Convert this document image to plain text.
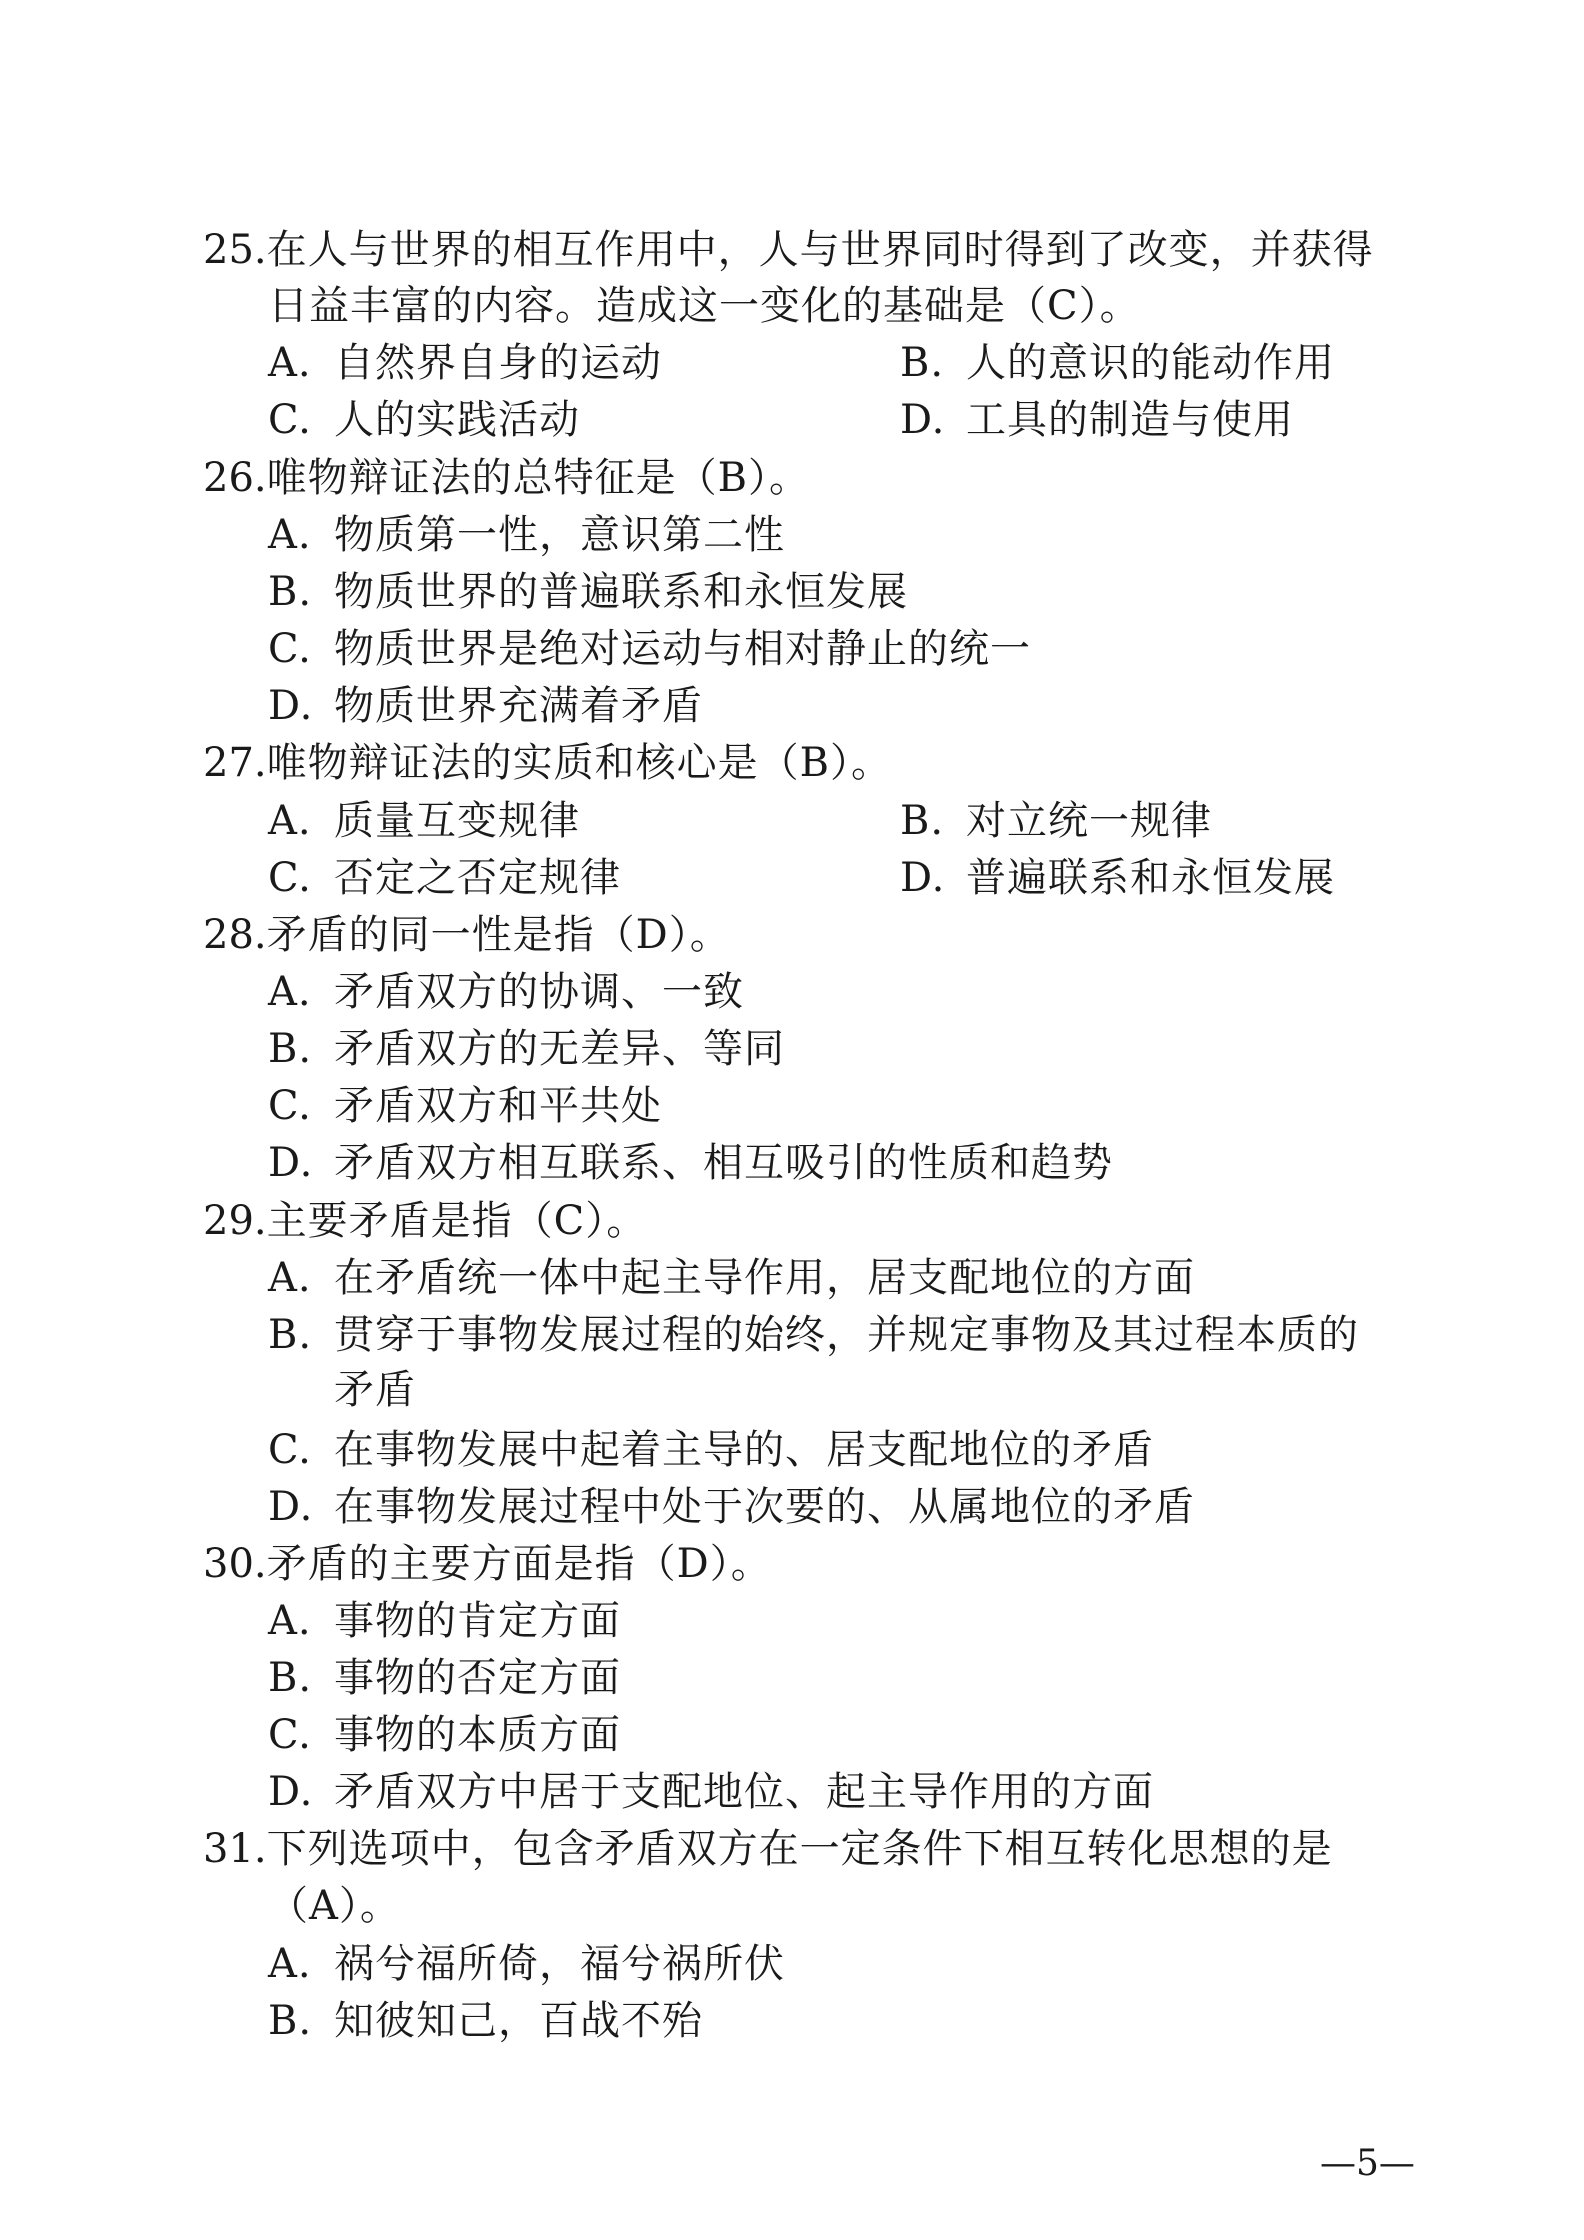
25.在人与世界的相互作用中，人与世界同时得到了改变，并获得
日益丰富的内容。造成这一变化的基础是（C）。
A. 自然界自身的运动	B. 人的意识的能动作用
C. 人的实践活动	D. 工具的制造与使用
26.唯物辩证法的总特征是（B）。
A. 物质第一性，意识第二性
B. 物质世界的普遍联系和永恒发展
C. 物质世界是绝对运动与相对静止的统一
D. 物质世界充满着矛盾
27.唯物辩证法的实质和核心是（B）。
A. 质量互变规律	B. 对立统一规律
C. 否定之否定规律	D. 普遍联系和永恒发展
28.矛盾的同一性是指（D）。
A. 矛盾双方的协调、一致
B. 矛盾双方的无差异、等同
C. 矛盾双方和平共处
D. 矛盾双方相互联系、相互吸引的性质和趋势
29.主要矛盾是指（C）。
A. 在矛盾统一体中起主导作用，居支配地位的方面
B. 贯穿于事物发展过程的始终，并规定事物及其过程本质的
矛盾
C. 在事物发展中起着主导的、居支配地位的矛盾
D. 在事物发展过程中处于次要的、从属地位的矛盾
30.矛盾的主要方面是指（D）。
A. 事物的肯定方面
B. 事物的否定方面
C. 事物的本质方面
D. 矛盾双方中居于支配地位、起主导作用的方面
31.下列选项中，包含矛盾双方在一定条件下相互转化思想的是
（A）。
A. 祸兮福所倚，福兮祸所伏
B. 知彼知己，百战不殆
—5—
